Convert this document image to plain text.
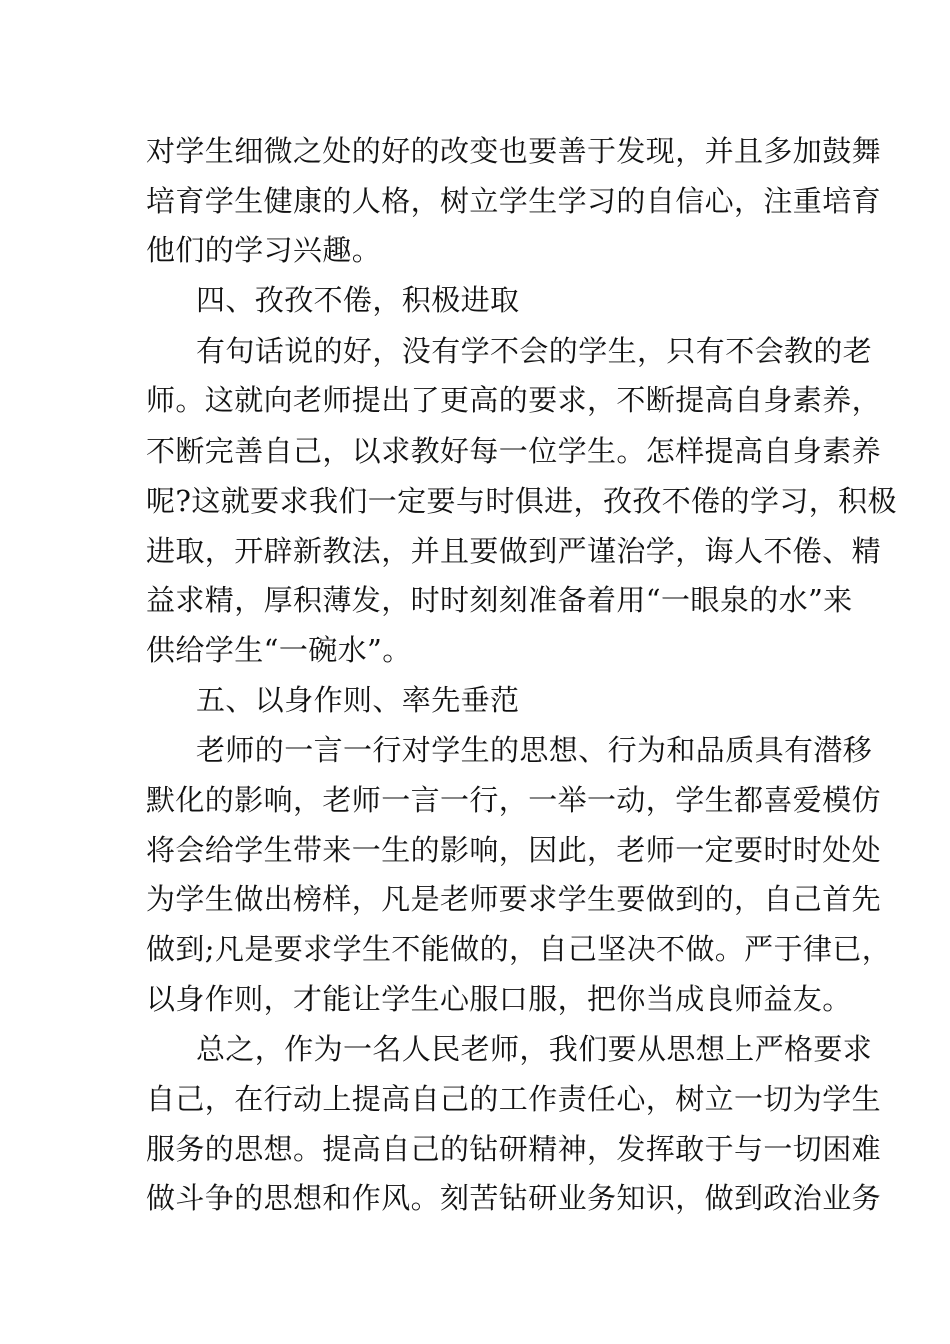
对学生细微之处的好的改变也要善于发现，并且多加鼓舞
培育学生健康的人格，树立学生学习的自信心，注重培育
他们的学习兴趣。
四、孜孜不倦，积极进取
有句话说的好，没有学不会的学生，只有不会教的老
师。这就向老师提出了更高的要求，不断提高自身素养，
不断完善自己，以求教好每一位学生。怎样提高自身素养
呢?这就要求我们一定要与时俱进，孜孜不倦的学习，积极
进取，开辟新教法，并且要做到严谨治学，诲人不倦、精
益求精，厚积薄发，时时刻刻准备着用“一眼泉的水”来
供给学生“一碗水”。
五、以身作则、率先垂范
老师的一言一行对学生的思想、行为和品质具有潜移
默化的影响，老师一言一行，一举一动，学生都喜爱模仿
将会给学生带来一生的影响，因此，老师一定要时时处处
为学生做出榜样，凡是老师要求学生要做到的，自己首先
做到;凡是要求学生不能做的，自己坚决不做。严于律已，
以身作则，才能让学生心服口服，把你当成良师益友。
总之，作为一名人民老师，我们要从思想上严格要求
自己，在行动上提高自己的工作责任心，树立一切为学生
服务的思想。提高自己的钻研精神，发挥敢于与一切困难
做斗争的思想和作风。刻苦钻研业务知识，做到政治业务
